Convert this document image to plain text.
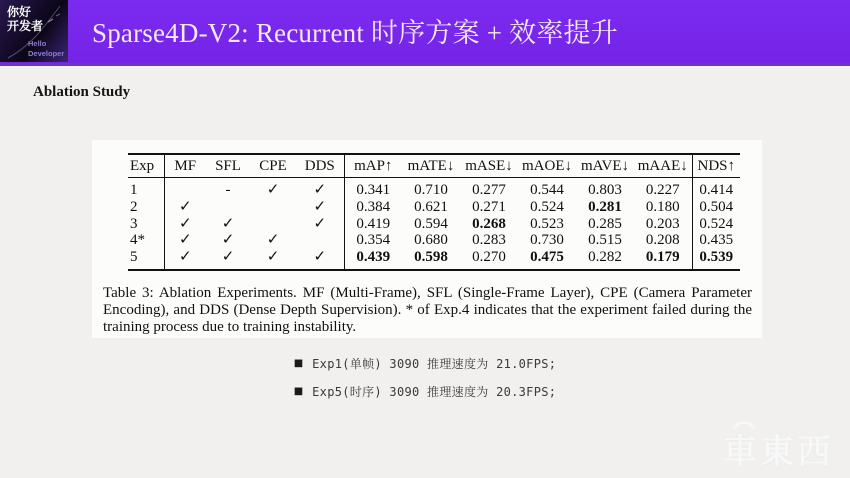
你好
开发者
Hello
Developer
Sparse4D-V2: Recurrent 时序方案 + 效率提升
Ablation Study
Exp	MF	SFL	CPE	DDS	mAP↑	mATE↓	mASE↓	mAOE↓	mAVE↓	mAAE↓	NDS↑
1		-	✓	✓	0.341	0.710	0.277	0.544	0.803	0.227	0.414
2	✓			✓	0.384	0.621	0.271	0.524	0.281	0.180	0.504
3	✓	✓		✓	0.419	0.594	0.268	0.523	0.285	0.203	0.524
4*	✓	✓	✓		0.354	0.680	0.283	0.730	0.515	0.208	0.435
5	✓	✓	✓	✓	0.439	0.598	0.270	0.475	0.282	0.179	0.539
Table 3: Ablation Experiments. MF (Multi-Frame), SFL (Single-Frame Layer), CPE (Camera Parameter Encoding), and DDS (Dense Depth Supervision). * of Exp.4 indicates that the experiment failed during the training process due to training instability.
■ Exp1(单帧) 3090 推理速度为 21.0FPS;
■ Exp5(时序) 3090 推理速度为 20.3FPS;
車東西
